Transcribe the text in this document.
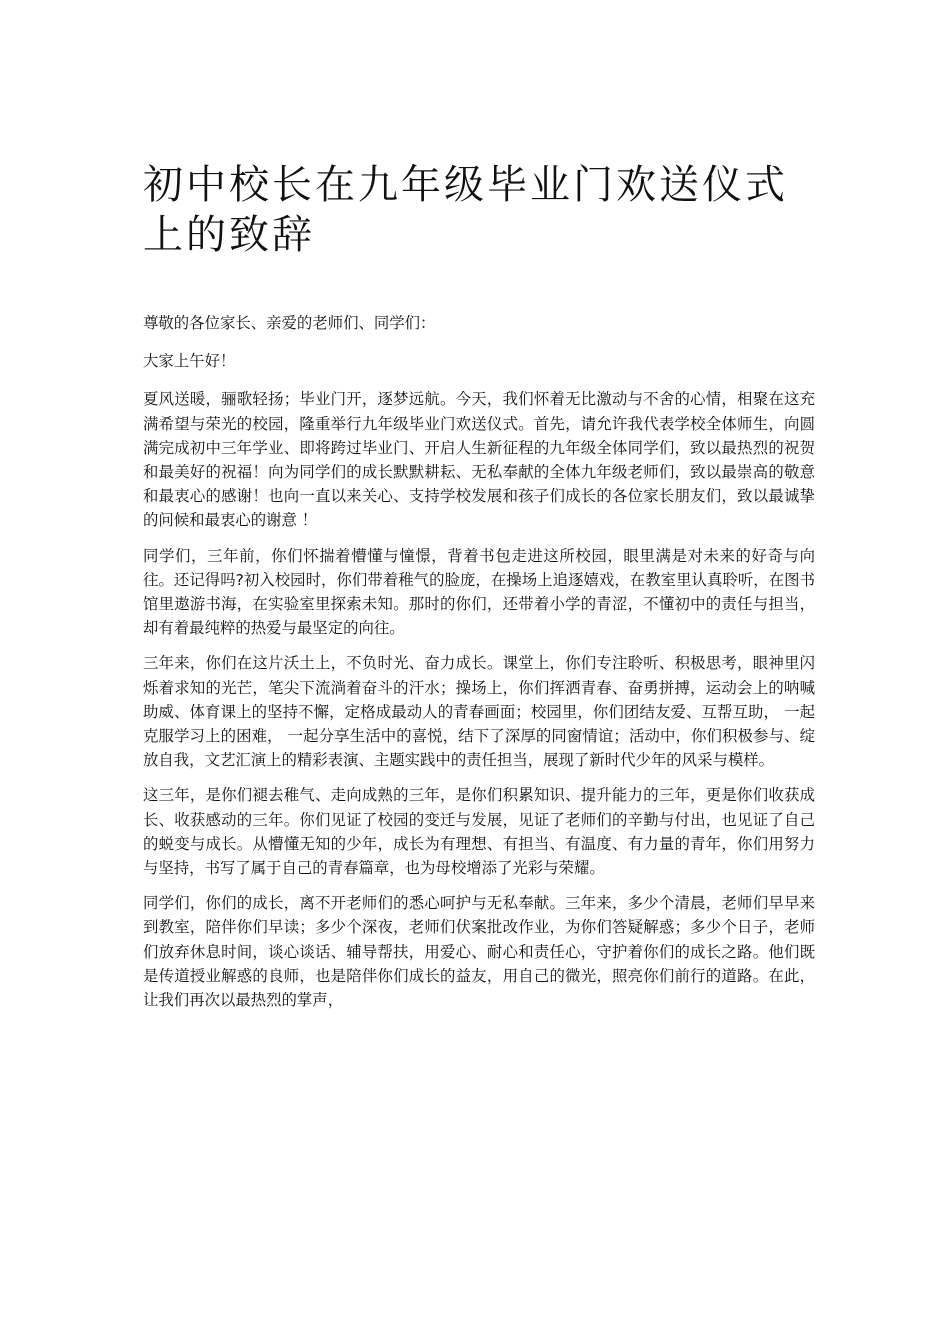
初中校长在九年级毕业门欢送仪式上的致辞

尊敬的各位家长、亲爱的老师们、同学们：

大家上午好！

夏风送暖，骊歌轻扬；毕业门开，逐梦远航。今天，我们怀着无比激动与不舍的心情，相聚在这充满希望与荣光的校园，隆重举行九年级毕业门欢送仪式。首先，请允许我代表学校全体师生，向圆满完成初中三年学业、即将跨过毕业门、开启人生新征程的九年级全体同学们，致以最热烈的祝贺和最美好的祝福！向为同学们的成长默默耕耘、无私奉献的全体九年级老师们，致以最崇高的敬意和最衷心的感谢！也向一直以来关心、支持学校发展和孩子们成长的各位家长朋友们，致以最诚挚的问候和最衷心的谢意 ！

同学们，三年前，你们怀揣着懵懂与憧憬，背着书包走进这所校园，眼里满是对未来的好奇与向往。还记得吗?初入校园时，你们带着稚气的脸庞，在操场上追逐嬉戏，在教室里认真聆听，在图书馆里遨游书海，在实验室里探索未知。那时的你们，还带着小学的青涩，不懂初中的责任与担当，却有着最纯粹的热爱与最坚定的向往。

三年来，你们在这片沃土上，不负时光、奋力成长。课堂上，你们专注聆听、积极思考，眼神里闪烁着求知的光芒，笔尖下流淌着奋斗的汗水；操场上，你们挥洒青春、奋勇拼搏，运动会上的呐喊助威、体育课上的坚持不懈，定格成最动人的青春画面；校园里，你们团结友爱、互帮互助， 一起克服学习上的困难， 一起分享生活中的喜悦，结下了深厚的同窗情谊；活动中，你们积极参与、绽放自我，文艺汇演上的精彩表演、主题实践中的责任担当，展现了新时代少年的风采与模样。

这三年，是你们褪去稚气、走向成熟的三年，是你们积累知识、提升能力的三年，更是你们收获成长、收获感动的三年。你们见证了校园的变迁与发展，见证了老师们的辛勤与付出，也见证了自己的蜕变与成长。从懵懂无知的少年，成长为有理想、有担当、有温度、有力量的青年，你们用努力与坚持，书写了属于自己的青春篇章，也为母校增添了光彩与荣耀。

同学们，你们的成长，离不开老师们的悉心呵护与无私奉献。三年来，多少个清晨，老师们早早来到教室，陪伴你们早读；多少个深夜，老师们伏案批改作业，为你们答疑解惑；多少个日子，老师们放弃休息时间，谈心谈话、辅导帮扶，用爱心、耐心和责任心，守护着你们的成长之路。他们既是传道授业解惑的良师，也是陪伴你们成长的益友，用自己的微光，照亮你们前行的道路。在此，让我们再次以最热烈的掌声，
